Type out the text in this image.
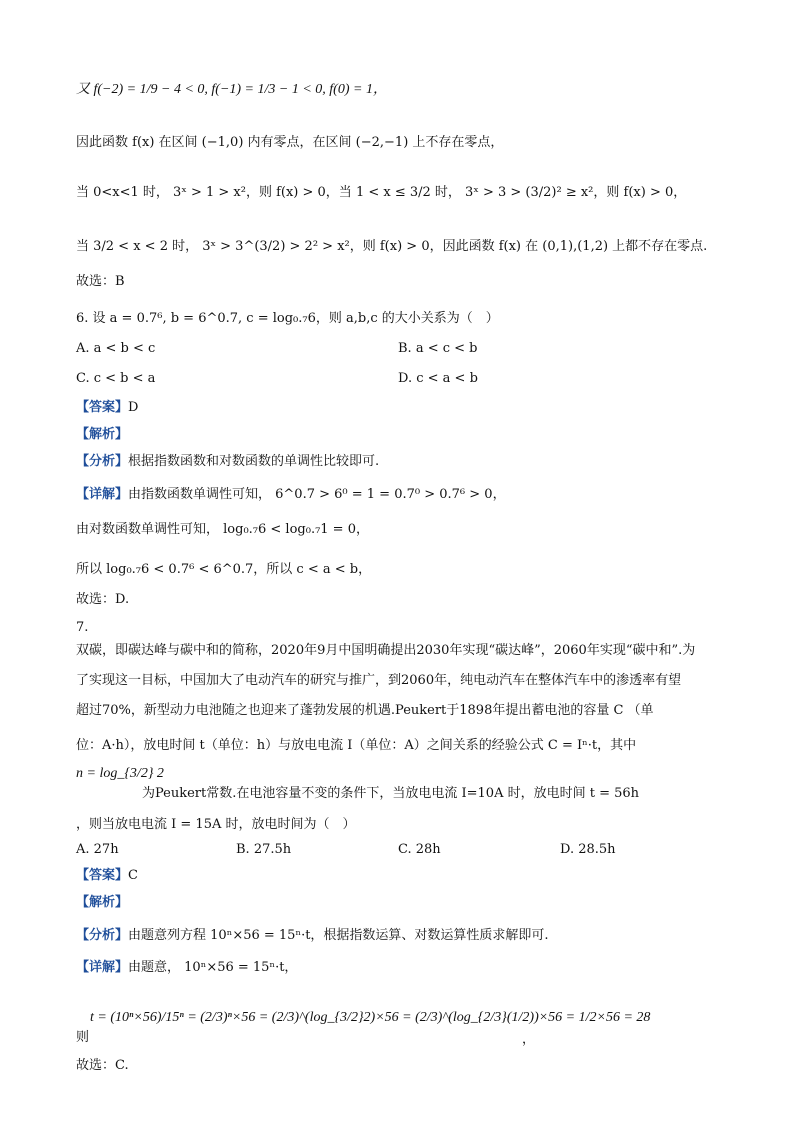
又 f(−2) = 1/9 − 4 < 0, f(−1) = 1/3 − 1 < 0, f(0) = 1，
因此函数 f(x) 在区间 (−1,0) 内有零点，在区间 (−2,−1) 上不存在零点，
当 0<x<1 时， 3ˣ > 1 > x²，则 f(x) > 0，当 1 < x ≤ 3/2 时， 3ˣ > 3 > (3/2)² ≥ x²，则 f(x) > 0，
当 3/2 < x < 2 时， 3ˣ > 3^(3/2) > 2² > x²，则 f(x) > 0，因此函数 f(x) 在 (0,1),(1,2) 上都不存在零点.
故选：B
6. 设 a = 0.7⁶, b = 6^0.7, c = log₀.₇6，则 a,b,c 的大小关系为（　）
A. a < b < c	B. a < c < b
C. c < b < a	D. c < a < b
【答案】D
【解析】
【分析】根据指数函数和对数函数的单调性比较即可.
【详解】由指数函数单调性可知， 6^0.7 > 6⁰ = 1 = 0.7⁰ > 0.7⁶ > 0，
由对数函数单调性可知， log₀.₇6 < log₀.₇1 = 0，
所以 log₀.₇6 < 0.7⁶ < 6^0.7，所以 c < a < b，
故选：D.
7.
双碳，即碳达峰与碳中和的简称，2020年9月中国明确提出2030年实现“碳达峰”，2060年实现“碳中和”.为
了实现这一目标，中国加大了电动汽车的研究与推广，到2060年，纯电动汽车在整体汽车中的渗透率有望
超过70%，新型动力电池随之也迎来了蓬勃发展的机遇.Peukert于1898年提出蓄电池的容量 C （单
位：A·h），放电时间 t（单位：h）与放电电流 I（单位：A）之间关系的经验公式 C = Iⁿ·t，其中
n = log_{3/2} 2
为Peukert常数.在电池容量不变的条件下，当放电电流 I=10A 时，放电时间 t = 56h
，则当放电电流 I = 15A 时，放电时间为（　）
A. 27h	B. 27.5h	C. 28h	D. 28.5h
【答案】C
【解析】
【分析】由题意列方程 10ⁿ×56 = 15ⁿ·t，根据指数运算、对数运算性质求解即可.
【详解】由题意， 10ⁿ×56 = 15ⁿ·t，
t = (10ⁿ×56)/15ⁿ = (2/3)ⁿ×56 = (2/3)^(log_{3/2}2)×56 = (2/3)^(log_{2/3}(1/2))×56 = 1/2×56 = 28
则	，
故选：C.
